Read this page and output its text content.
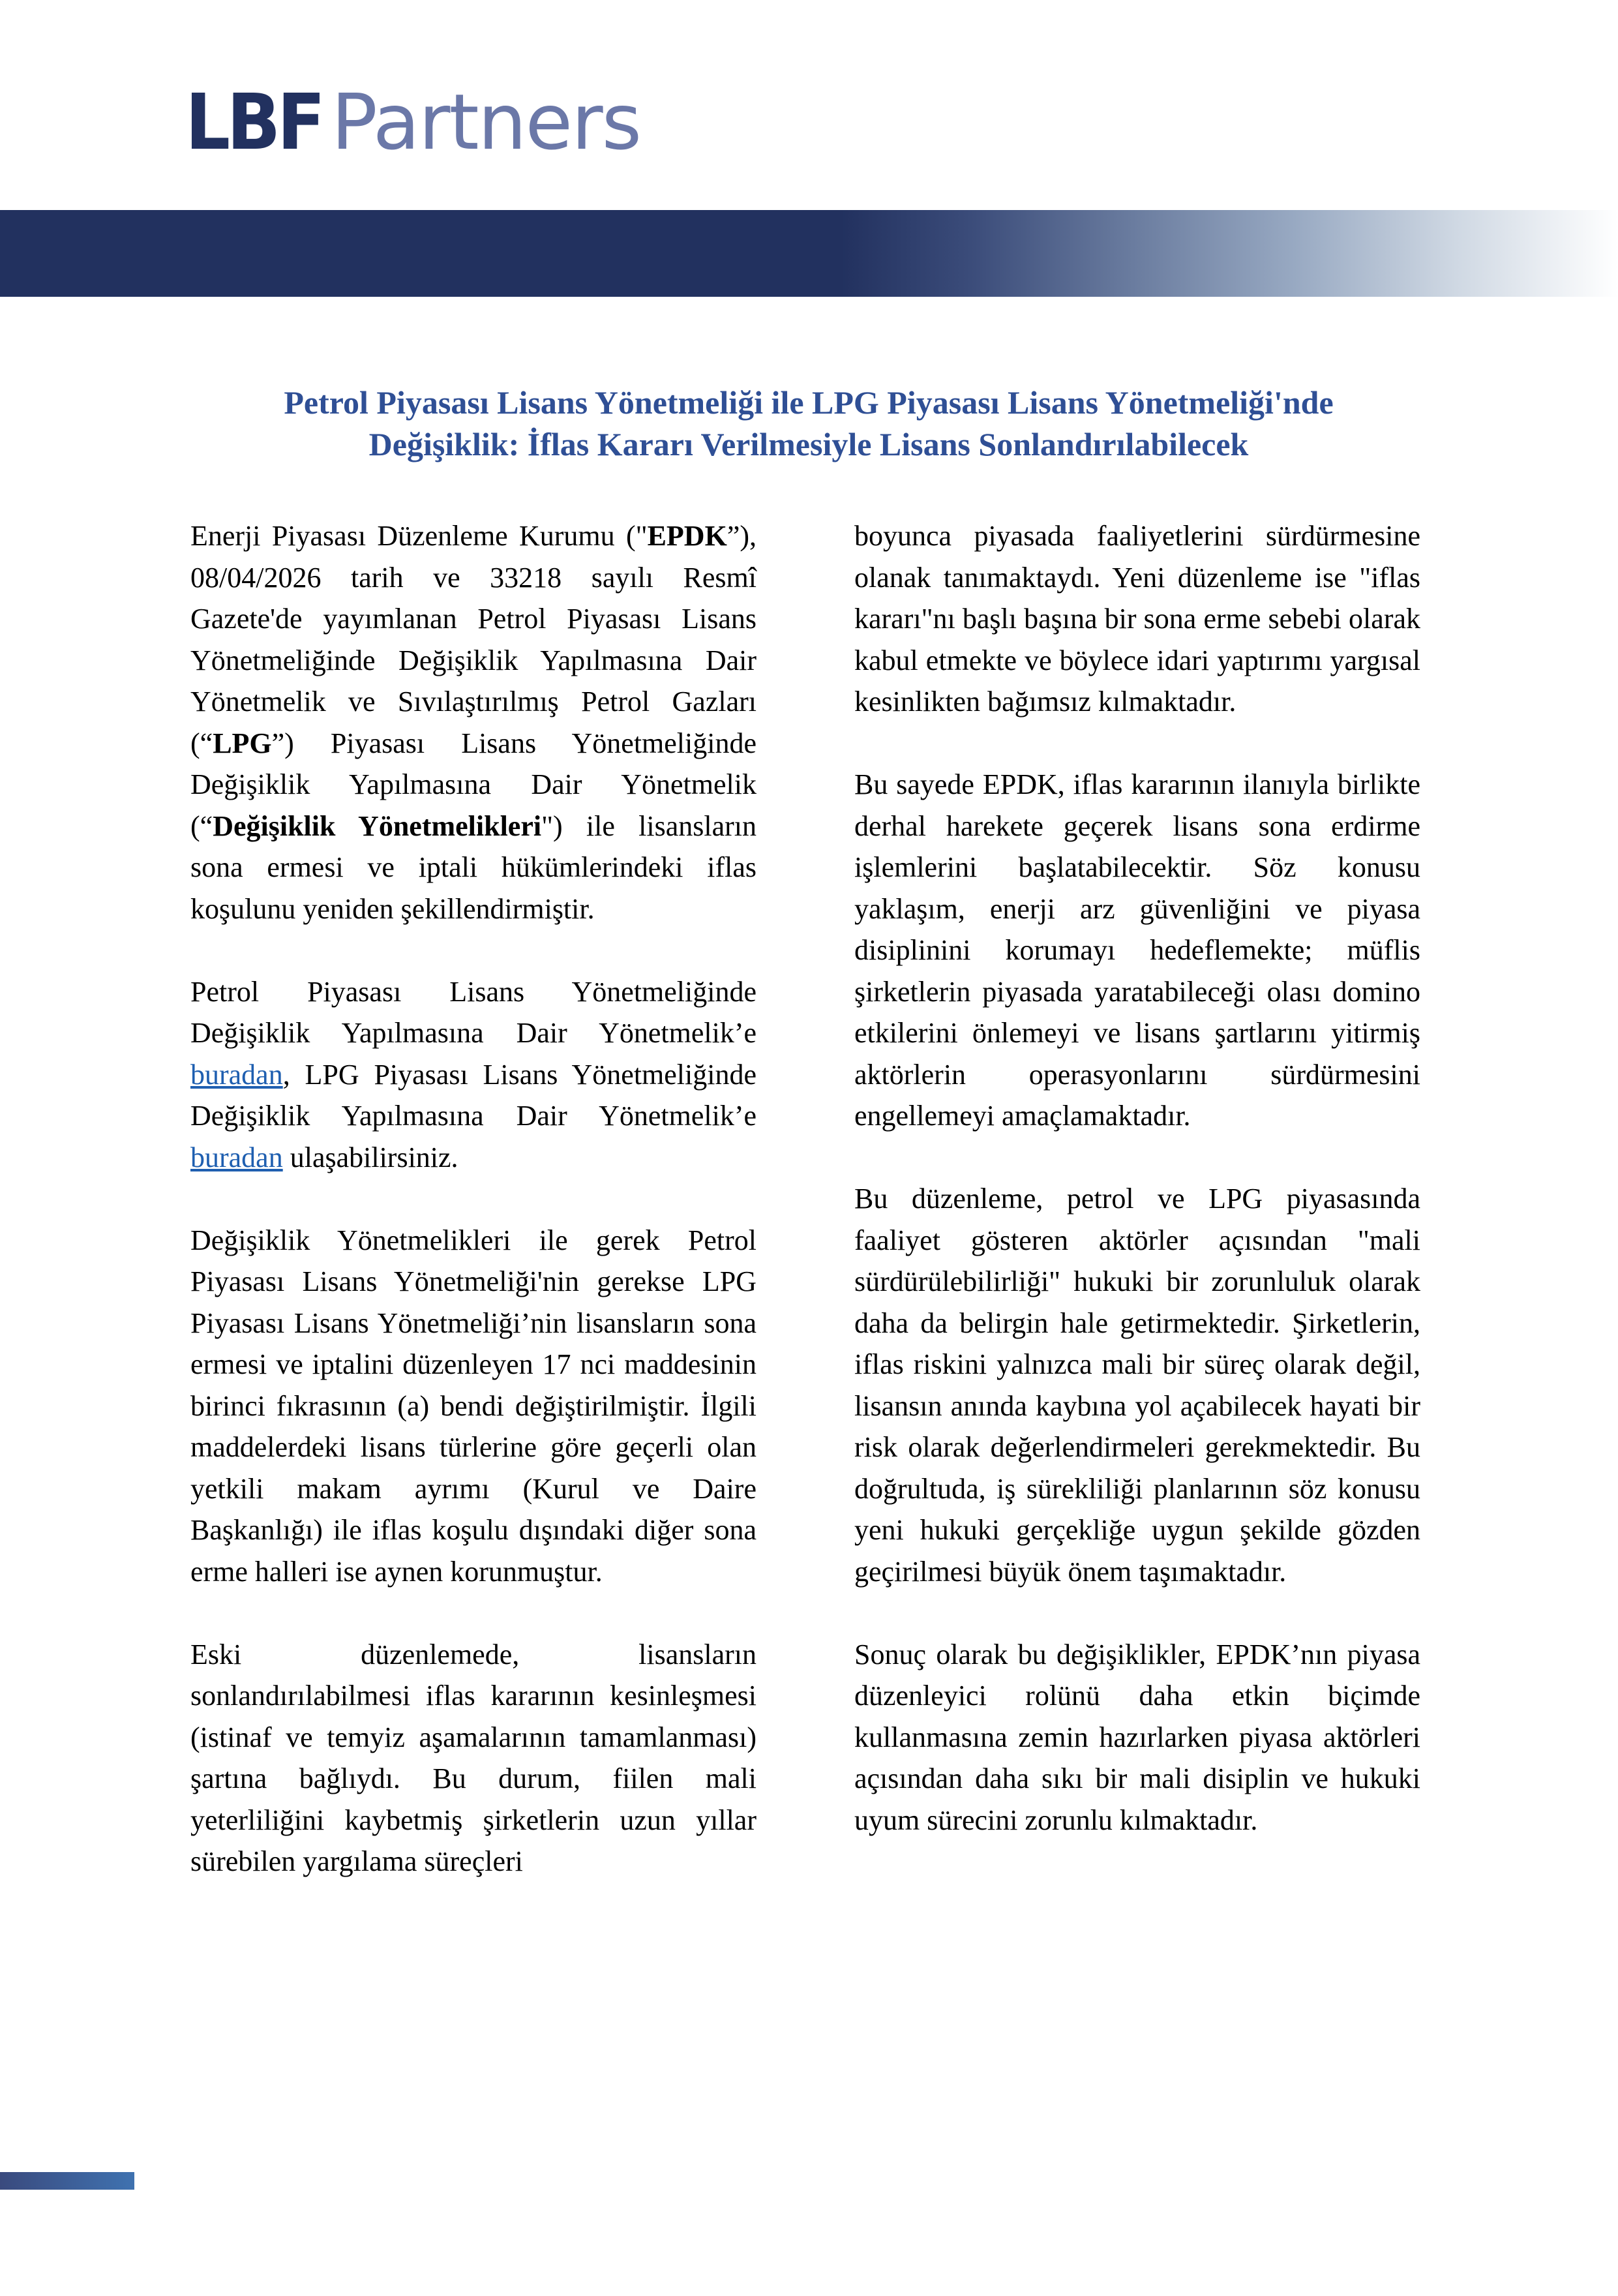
LBF Partners
Petrol Piyasası Lisans Yönetmeliği ile LPG Piyasası Lisans Yönetmeliği'nde
Değişiklik: İflas Kararı Verilmesiyle Lisans Sonlandırılabilecek

Enerji Piyasası Düzenleme Kurumu ("EPDK”), 08/04/2026 tarih ve 33218 sayılı Resmî Gazete'de yayımlanan Petrol Piyasası Lisans Yönetmeliğinde Değişiklik Yapılmasına Dair Yönetmelik ve Sıvılaştırılmış Petrol Gazları (“LPG”) Piyasası Lisans Yönetmeliğinde Değişiklik Yapılmasına Dair Yönetmelik (“Değişiklik Yönetmelikleri") ile lisansların sona ermesi ve iptali hükümlerindeki iflas koşulunu yeniden şekillendirmiştir.

Petrol Piyasası Lisans Yönetmeliğinde Değişiklik Yapılmasına Dair Yönetmelik’e buradan, LPG Piyasası Lisans Yönetmeliğinde Değişiklik Yapılmasına Dair Yönetmelik’e buradan ulaşabilirsiniz.

Değişiklik Yönetmelikleri ile gerek Petrol Piyasası Lisans Yönetmeliği'nin gerekse LPG Piyasası Lisans Yönetmeliği’nin lisansların sona ermesi ve iptalini düzenleyen 17 nci maddesinin birinci fıkrasının (a) bendi değiştirilmiştir. İlgili maddelerdeki lisans türlerine göre geçerli olan yetkili makam ayrımı (Kurul ve Daire Başkanlığı) ile iflas koşulu dışındaki diğer sona erme halleri ise aynen korunmuştur.

Eski düzenlemede, lisansların sonlandırılabilmesi iflas kararının kesinleşmesi (istinaf ve temyiz aşamalarının tamamlanması) şartına bağlıydı. Bu durum, fiilen mali yeterliliğini kaybetmiş şirketlerin uzun yıllar sürebilen yargılama süreçleri

boyunca piyasada faaliyetlerini sürdürmesine olanak tanımaktaydı. Yeni düzenleme ise "iflas kararı"nı başlı başına bir sona erme sebebi olarak kabul etmekte ve böylece idari yaptırımı yargısal kesinlikten bağımsız kılmaktadır.

Bu sayede EPDK, iflas kararının ilanıyla birlikte derhal harekete geçerek lisans sona erdirme işlemlerini başlatabilecektir. Söz konusu yaklaşım, enerji arz güvenliğini ve piyasa disiplinini korumayı hedeflemekte; müflis şirketlerin piyasada yaratabileceği olası domino etkilerini önlemeyi ve lisans şartlarını yitirmiş aktörlerin operasyonlarını sürdürmesini engellemeyi amaçlamaktadır.

Bu düzenleme, petrol ve LPG piyasasında faaliyet gösteren aktörler açısından "mali sürdürülebilirliği" hukuki bir zorunluluk olarak daha da belirgin hale getirmektedir. Şirketlerin, iflas riskini yalnızca mali bir süreç olarak değil, lisansın anında kaybına yol açabilecek hayati bir risk olarak değerlendirmeleri gerekmektedir. Bu doğrultuda, iş sürekliliği planlarının söz konusu yeni hukuki gerçekliğe uygun şekilde gözden geçirilmesi büyük önem taşımaktadır.

Sonuç olarak bu değişiklikler, EPDK’nın piyasa düzenleyici rolünü daha etkin biçimde kullanmasına zemin hazırlarken piyasa aktörleri açısından daha sıkı bir mali disiplin ve hukuki uyum sürecini zorunlu kılmaktadır.
